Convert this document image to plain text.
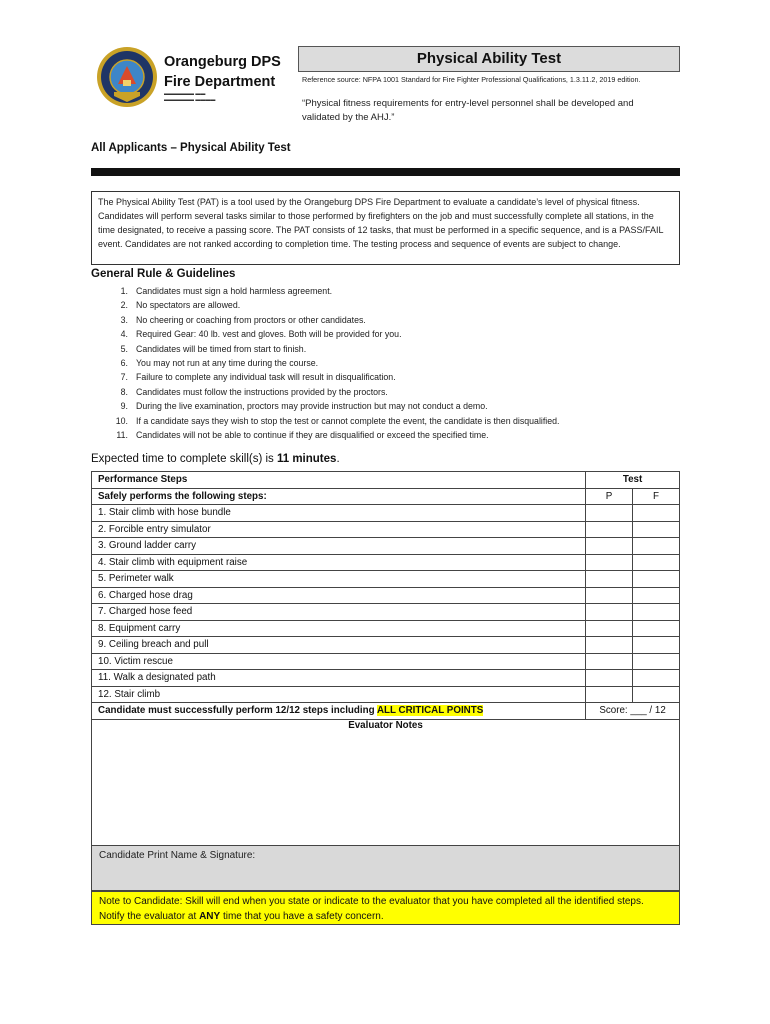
Orangeburg DPS
Fire Department
▬▬▬▬▬▬ ▬▬
▬▬▬▬▬▬ ▬▬▬▬
Physical Ability Test
Reference source: NFPA 1001 Standard for Fire Fighter Professional Qualifications, 1.3.11.2, 2019 edition.
“Physical fitness requirements for entry-level personnel shall be developed and validated by the AHJ.”
All Applicants – Physical Ability Test
The Physical Ability Test (PAT) is a tool used by the Orangeburg DPS Fire Department to evaluate a candidate’s level of physical fitness. Candidates will perform several tasks similar to those performed by firefighters on the job and must successfully complete all stations, in the time designated, to receive a passing score. The PAT consists of 12 tasks, that must be performed in a specific sequence, and is a PASS/FAIL event. Candidates are not ranked according to completion time. The testing process and sequence of events are subject to change.
General Rule & Guidelines
1. Candidates must sign a hold harmless agreement.
2. No spectators are allowed.
3. No cheering or coaching from proctors or other candidates.
4. Required Gear: 40 lb. vest and gloves. Both will be provided for you.
5. Candidates will be timed from start to finish.
6. You may not run at any time during the course.
7. Failure to complete any individual task will result in disqualification.
8. Candidates must follow the instructions provided by the proctors.
9. During the live examination, proctors may provide instruction but may not conduct a demo.
10. If a candidate says they wish to stop the test or cannot complete the event, the candidate is then disqualified.
11. Candidates will not be able to continue if they are disqualified or exceed the specified time.
Expected time to complete skill(s) is 11 minutes.
Performance Steps	Test	
Safely performs the following steps:	P	F
1. Stair climb with hose bundle		
2. Forcible entry simulator		
3. Ground ladder carry		
4. Stair climb with equipment raise		
5. Perimeter walk		
6. Charged hose drag		
7. Charged hose feed		
8. Equipment carry		
9. Ceiling breach and pull		
10. Victim rescue		
11. Walk a designated path		
12. Stair climb		
Candidate must successfully perform 12/12 steps including ALL CRITICAL POINTS	Score: ___ / 12	
Evaluator Notes
Candidate Print Name & Signature:
Note to Candidate: Skill will end when you state or indicate to the evaluator that you have completed all the identified steps. Notify the evaluator at ANY time that you have a safety concern.
